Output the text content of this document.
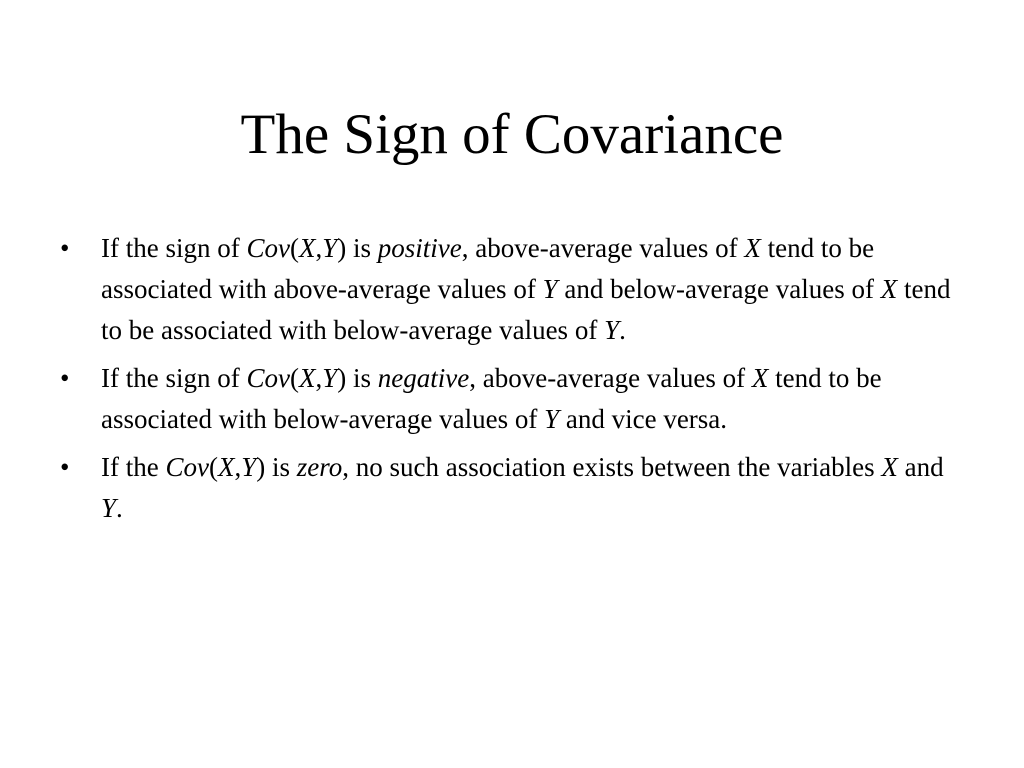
The Sign of Covariance
•	If the sign of Cov(X,Y) is positive, above-average values of X tend to be associated with above-average values of Y and below-average values of X tend to be associated with below-average values of Y.
•	If the sign of Cov(X,Y) is negative, above-average values of X tend to be associated with below-average values of Y and vice versa.
•	If the Cov(X,Y) is zero, no such association exists between the variables X and Y.
